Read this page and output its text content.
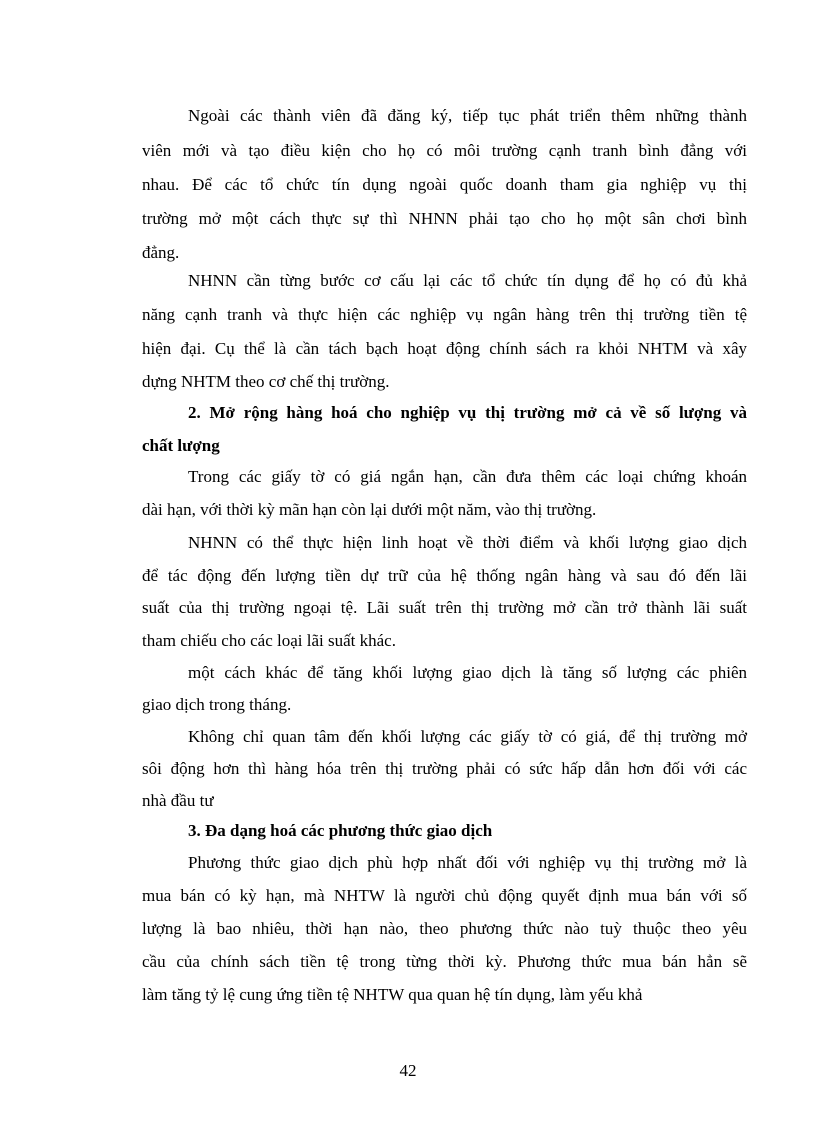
Ngoài các thành viên đã đăng ký, tiếp tục phát triển thêm những thành
viên mới và tạo điều kiện cho họ có môi trường cạnh tranh bình đẳng với
nhau. Để các tổ chức tín dụng ngoài quốc doanh tham gia nghiệp vụ thị
trường mở một cách thực sự thì NHNN phải tạo cho họ một sân chơi bình
đẳng.
NHNN cần từng bước cơ cấu lại các tổ chức tín dụng để họ có đủ khả
năng cạnh tranh và thực hiện các nghiệp vụ ngân hàng trên thị trường tiền tệ
hiện đại. Cụ thể là cần tách bạch hoạt động chính sách ra khỏi NHTM và xây
dựng NHTM theo cơ chế thị trường.
2. Mở rộng hàng hoá cho nghiệp vụ thị trường mở cả về số lượng và
chất lượng
Trong các giấy tờ có giá ngắn hạn, cần đưa thêm các loại chứng khoán
dài hạn, với thời kỳ mãn hạn còn lại dưới một năm, vào thị trường.
NHNN có thể thực hiện linh hoạt về thời điểm và khối lượng giao dịch
để tác động đến lượng tiền dự trữ của hệ thống ngân hàng và sau đó đến lãi
suất của thị trường ngoại tệ. Lãi suất trên thị trường mở cần trở thành lãi suất
tham chiếu cho các loại lãi suất khác.
một cách khác để tăng khối lượng giao dịch là tăng số lượng các phiên
giao dịch trong tháng.
Không chỉ quan tâm đến khối lượng các giấy tờ có giá, để thị trường mở
sôi động hơn thì hàng hóa trên thị trường phải có sức hấp dẫn hơn đối với các
nhà đầu tư
3. Đa dạng hoá các phương thức giao dịch
Phương thức giao dịch phù hợp nhất đối với nghiệp vụ thị trường mở là
mua bán có kỳ hạn, mà NHTW là người chủ động quyết định mua bán với số
lượng là bao nhiêu, thời hạn nào, theo phương thức nào tuỳ thuộc theo yêu
cầu của chính sách tiền tệ trong từng thời kỳ. Phương thức mua bán hẳn sẽ
làm tăng tỷ lệ cung ứng tiền tệ NHTW qua quan hệ tín dụng, làm yếu khả
42
